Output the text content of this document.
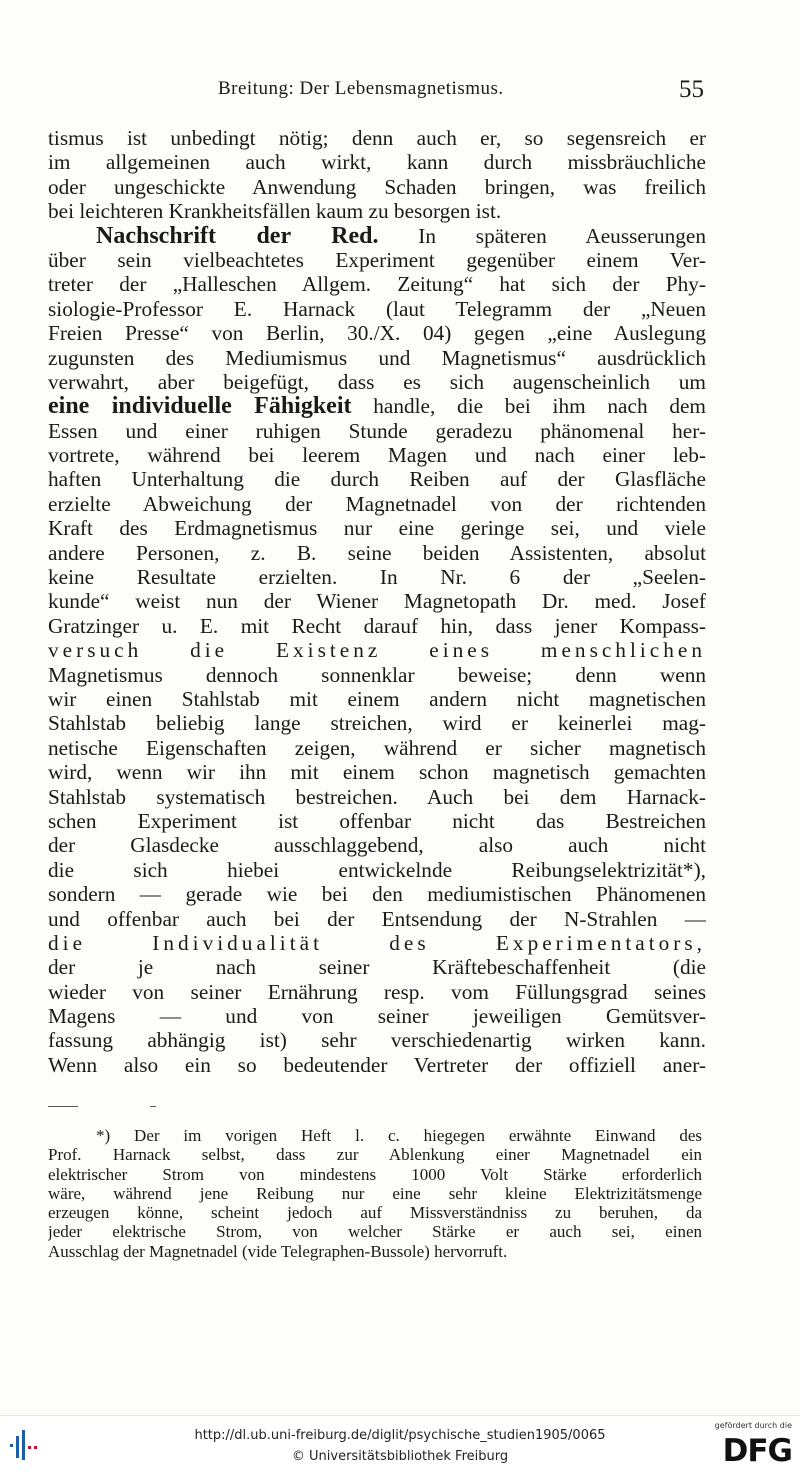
Breitung: Der Lebensmagnetismus.	55
tismus ist unbedingt nötig; denn auch er, so segensreich er
im allgemeinen auch wirkt, kann durch missbräuchliche
oder ungeschickte Anwendung Schaden bringen, was freilich
bei leichteren Krankheitsfällen kaum zu besorgen ist.
Nachschrift der Red. In späteren Aeusserungen
über sein vielbeachtetes Experiment gegenüber einem Ver-
treter der „Halleschen Allgem. Zeitung“ hat sich der Phy-
siologie-Professor E. Harnack (laut Telegramm der „Neuen
Freien Presse“ von Berlin, 30./X. 04) gegen „eine Auslegung
zugunsten des Mediumismus und Magnetismus“ ausdrücklich
verwahrt, aber beigefügt, dass es sich augenscheinlich um
eine individuelle Fähigkeit handle, die bei ihm nach dem
Essen und einer ruhigen Stunde geradezu phänomenal her-
vortrete, während bei leerem Magen und nach einer leb-
haften Unterhaltung die durch Reiben auf der Glasfläche
erzielte Abweichung der Magnetnadel von der richtenden
Kraft des Erdmagnetismus nur eine geringe sei, und viele
andere Personen, z. B. seine beiden Assistenten, absolut
keine Resultate erzielten. In Nr. 6 der „Seelen-
kunde“ weist nun der Wiener Magnetopath Dr. med. Josef
Gratzinger u. E. mit Recht darauf hin, dass jener Kompass-
versuch die Existenz eines menschlichen
Magnetismus dennoch sonnenklar beweise; denn wenn
wir einen Stahlstab mit einem andern nicht magnetischen
Stahlstab beliebig lange streichen, wird er keinerlei mag-
netische Eigenschaften zeigen, während er sicher magnetisch
wird, wenn wir ihn mit einem schon magnetisch gemachten
Stahlstab systematisch bestreichen. Auch bei dem Harnack-
schen Experiment ist offenbar nicht das Bestreichen
der Glasdecke ausschlaggebend, also auch nicht
die sich hiebei entwickelnde Reibungselektrizität*),
sondern — gerade wie bei den mediumistischen Phänomenen
und offenbar auch bei der Entsendung der N-Strahlen —
die Individualität des Experimentators,
der je nach seiner Kräftebeschaffenheit (die
wieder von seiner Ernährung resp. vom Füllungsgrad seines
Magens — und von seiner jeweiligen Gemütsver-
fassung abhängig ist) sehr verschiedenartig wirken kann.
Wenn also ein so bedeutender Vertreter der offiziell aner-
*) Der im vorigen Heft l. c. hiegegen erwähnte Einwand des
Prof. Harnack selbst, dass zur Ablenkung einer Magnetnadel ein
elektrischer Strom von mindestens 1000 Volt Stärke erforderlich
wäre, während jene Reibung nur eine sehr kleine Elektrizitätsmenge
erzeugen könne, scheint jedoch auf Missverständniss zu beruhen, da
jeder elektrische Strom, von welcher Stärke er auch sei, einen
Ausschlag der Magnetnadel (vide Telegraphen-Bussole) hervorruft.
http://dl.ub.uni-freiburg.de/diglit/psychische_studien1905/0065
© Universitätsbibliothek Freiburg
gefördert durch die
DFG
